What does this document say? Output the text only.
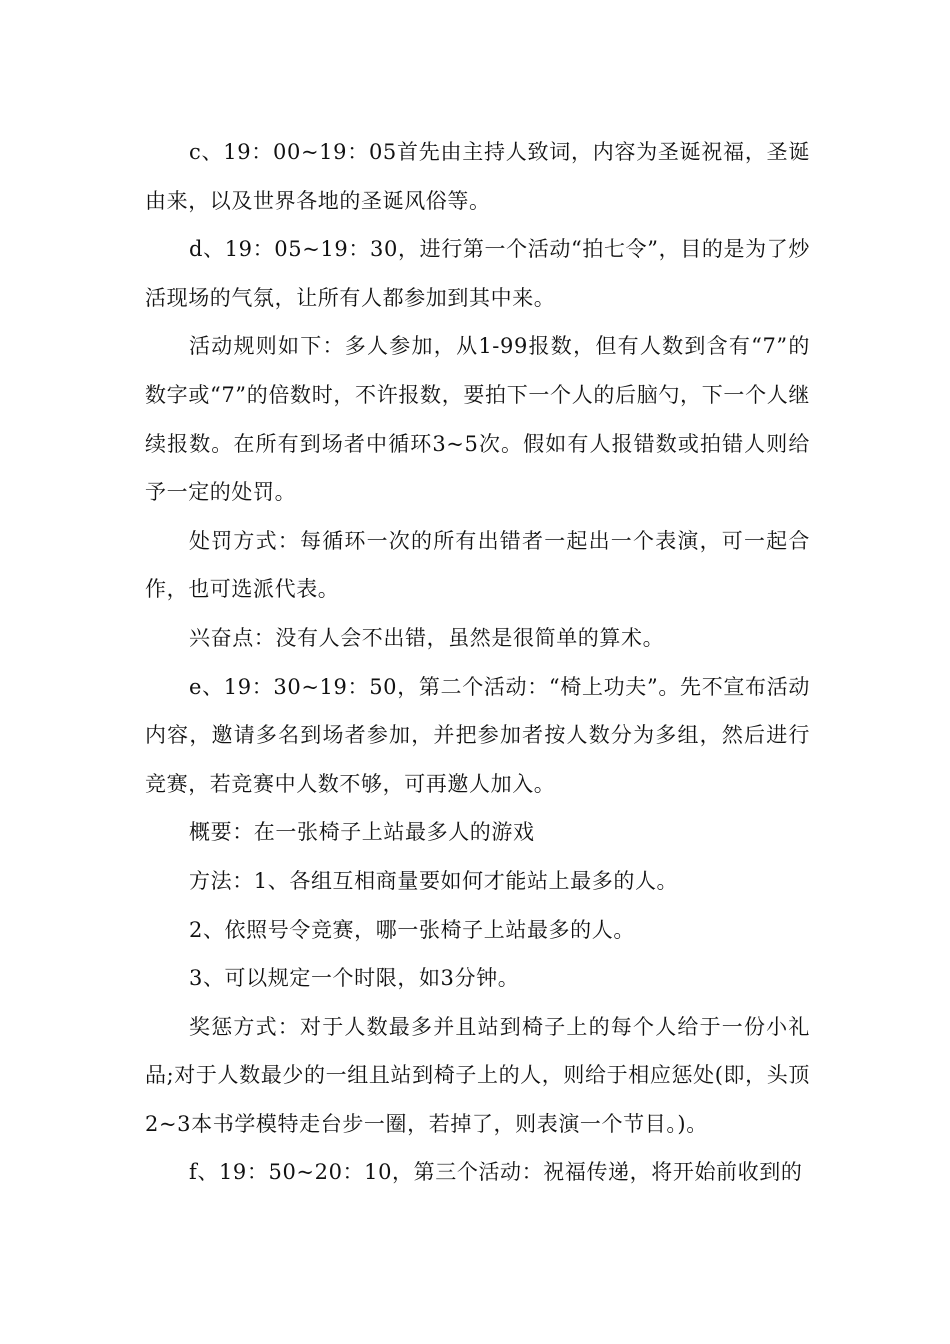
c、19：00~19：05首先由主持人致词，内容为圣诞祝福，圣诞由来，以及世界各地的圣诞风俗等。

d、19：05~19：30，进行第一个活动“拍七令”，目的是为了炒活现场的气氛，让所有人都参加到其中来。

活动规则如下：多人参加，从1-99报数，但有人数到含有“7”的数字或“7”的倍数时，不许报数，要拍下一个人的后脑勺，下一个人继续报数。在所有到场者中循环3~5次。假如有人报错数或拍错人则给予一定的处罚。

处罚方式：每循环一次的所有出错者一起出一个表演，可一起合作，也可选派代表。

兴奋点：没有人会不出错，虽然是很简单的算术。

e、19：30~19：50，第二个活动：“椅上功夫”。先不宣布活动内容，邀请多名到场者参加，并把参加者按人数分为多组，然后进行竞赛，若竞赛中人数不够，可再邀人加入。

概要：在一张椅子上站最多人的游戏

方法：1、各组互相商量要如何才能站上最多的人。

2、依照号令竞赛，哪一张椅子上站最多的人。

3、可以规定一个时限，如3分钟。

奖惩方式：对于人数最多并且站到椅子上的每个人给于一份小礼品;对于人数最少的一组且站到椅子上的人，则给于相应惩处(即，头顶2~3本书学模特走台步一圈，若掉了，则表演一个节目。)。

f、19：50~20：10，第三个活动：祝福传递，将开始前收到的
